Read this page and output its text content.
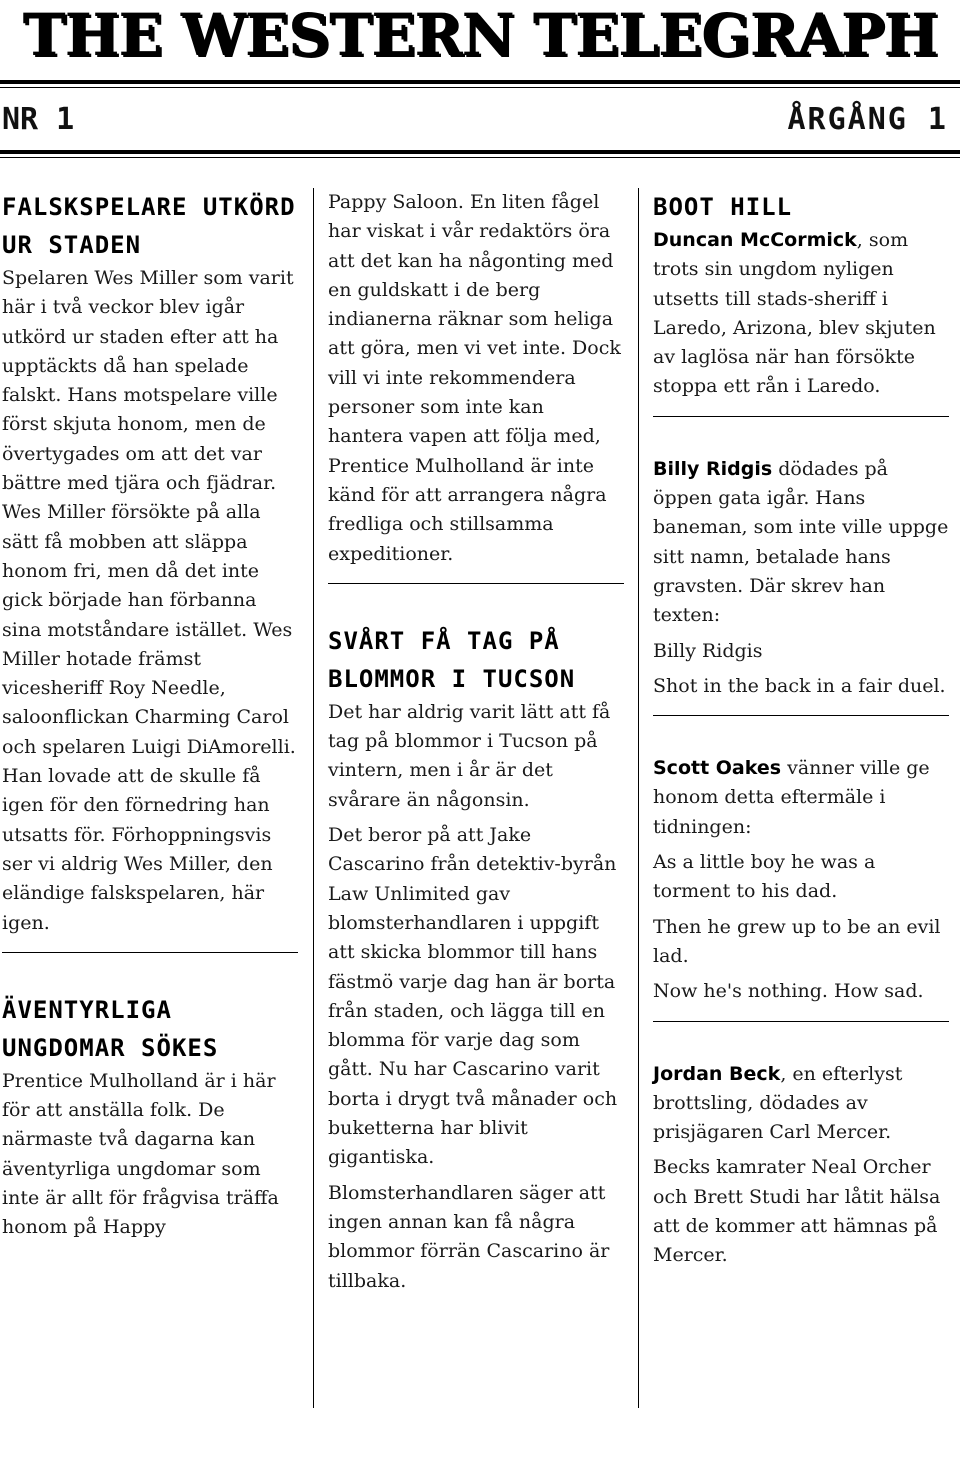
THE WESTERN TELEGRAPH
NR 1	ÅRGÅNG 1
FALSKSPELARE UTKÖRD UR STADEN

Spelaren Wes Miller som varit här i två veckor blev igår utkörd ur staden efter att ha upptäckts då han spelade falskt. Hans motspelare ville först skjuta honom, men de övertygades om att det var bättre med tjära och fjädrar. Wes Miller försökte på alla sätt få mobben att släppa honom fri, men då det inte gick började han förbanna sina motståndare istället. Wes Miller hotade främst vicesheriff Roy Needle, saloonflickan Charming Carol och spelaren Luigi DiAmorelli. Han lovade att de skulle få igen för den förnedring han utsatts för. Förhoppningsvis ser vi aldrig Wes Miller, den eländige falskspelaren, här igen.

ÄVENTYRLIGA UNGDOMAR SÖKES

Prentice Mulholland är i här för att anställa folk. De närmaste två dagarna kan äventyrliga ungdomar som inte är allt för frågvisa träffa honom på Happy

Pappy Saloon. En liten fågel har viskat i vår redaktörs öra att det kan ha någonting med en guldskatt i de berg indianerna räknar som heliga att göra, men vi vet inte. Dock vill vi inte rekommendera personer som inte kan hantera vapen att följa med, Prentice Mulholland är inte känd för att arrangera några fredliga och stillsamma expeditioner.

SVÅRT FÅ TAG PÅ BLOMMOR I TUCSON

Det har aldrig varit lätt att få tag på blommor i Tucson på vintern, men i år är det svårare än någonsin.

Det beror på att Jake Cascarino från detektiv-byrån Law Unlimited gav blomsterhandlaren i uppgift att skicka blommor till hans fästmö varje dag han är borta från staden, och lägga till en blomma för varje dag som gått. Nu har Cascarino varit borta i drygt två månader och buketterna har blivit gigantiska.

Blomsterhandlaren säger att ingen annan kan få några blommor förrän Cascarino är tillbaka.

BOOT HILL

Duncan McCormick, som trots sin ungdom nyligen utsetts till stads-sheriff i Laredo, Arizona, blev skjuten av laglösa när han försökte stoppa ett rån i Laredo.

Billy Ridgis dödades på öppen gata igår. Hans baneman, som inte ville uppge sitt namn, betalade hans gravsten. Där skrev han texten:

Billy Ridgis

Shot in the back in a fair duel.

Scott Oakes vänner ville ge honom detta eftermäle i tidningen:

As a little boy he was a torment to his dad.

Then he grew up to be an evil lad.

Now he's nothing. How sad.

Jordan Beck, en efterlyst brottsling, dödades av prisjägaren Carl Mercer.

Becks kamrater Neal Orcher och Brett Studi har låtit hälsa att de kommer att hämnas på Mercer.
